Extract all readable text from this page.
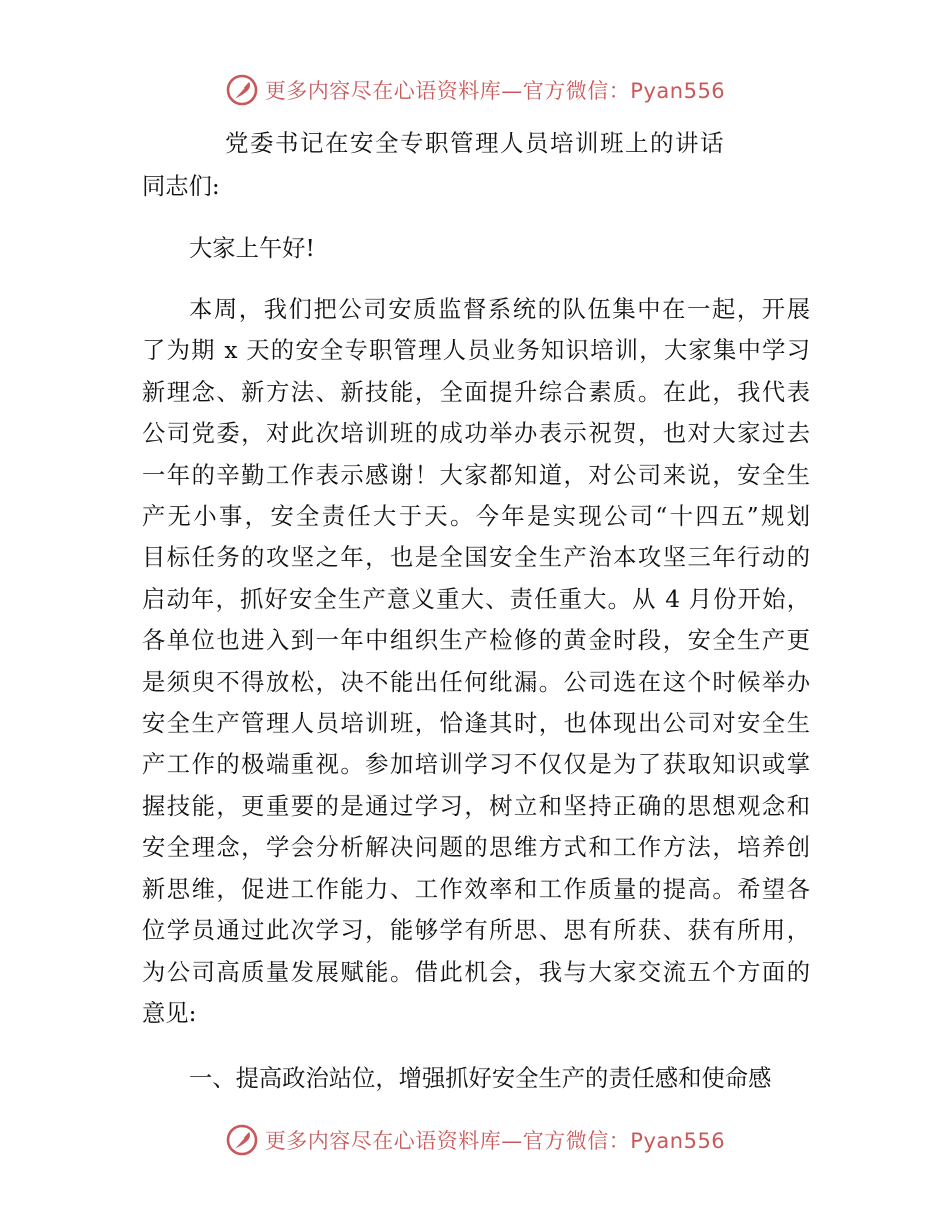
更多内容尽在心语资料库—官方微信：Pyan556
党委书记在安全专职管理人员培训班上的讲话

同志们:

大家上午好!

本周，我们把公司安质监督系统的队伍集中在一起，开展
了为期 x 天的安全专职管理人员业务知识培训，大家集中学习
新理念、新方法、新技能，全面提升综合素质。在此，我代表
公司党委，对此次培训班的成功举办表示祝贺，也对大家过去
一年的辛勤工作表示感谢！大家都知道，对公司来说，安全生
产无小事，安全责任大于天。今年是实现公司“十四五”规划
目标任务的攻坚之年，也是全国安全生产治本攻坚三年行动的
启动年，抓好安全生产意义重大、责任重大。从 4 月份开始，
各单位也进入到一年中组织生产检修的黄金时段，安全生产更
是须臾不得放松，决不能出任何纰漏。公司选在这个时候举办
安全生产管理人员培训班，恰逢其时，也体现出公司对安全生
产工作的极端重视。参加培训学习不仅仅是为了获取知识或掌
握技能，更重要的是通过学习，树立和坚持正确的思想观念和
安全理念，学会分析解决问题的思维方式和工作方法，培养创
新思维，促进工作能力、工作效率和工作质量的提高。希望各
位学员通过此次学习，能够学有所思、思有所获、获有所用，
为公司高质量发展赋能。借此机会，我与大家交流五个方面的
意见:

一、提高政治站位，增强抓好安全生产的责任感和使命感

更多内容尽在心语资料库—官方微信：Pyan556
